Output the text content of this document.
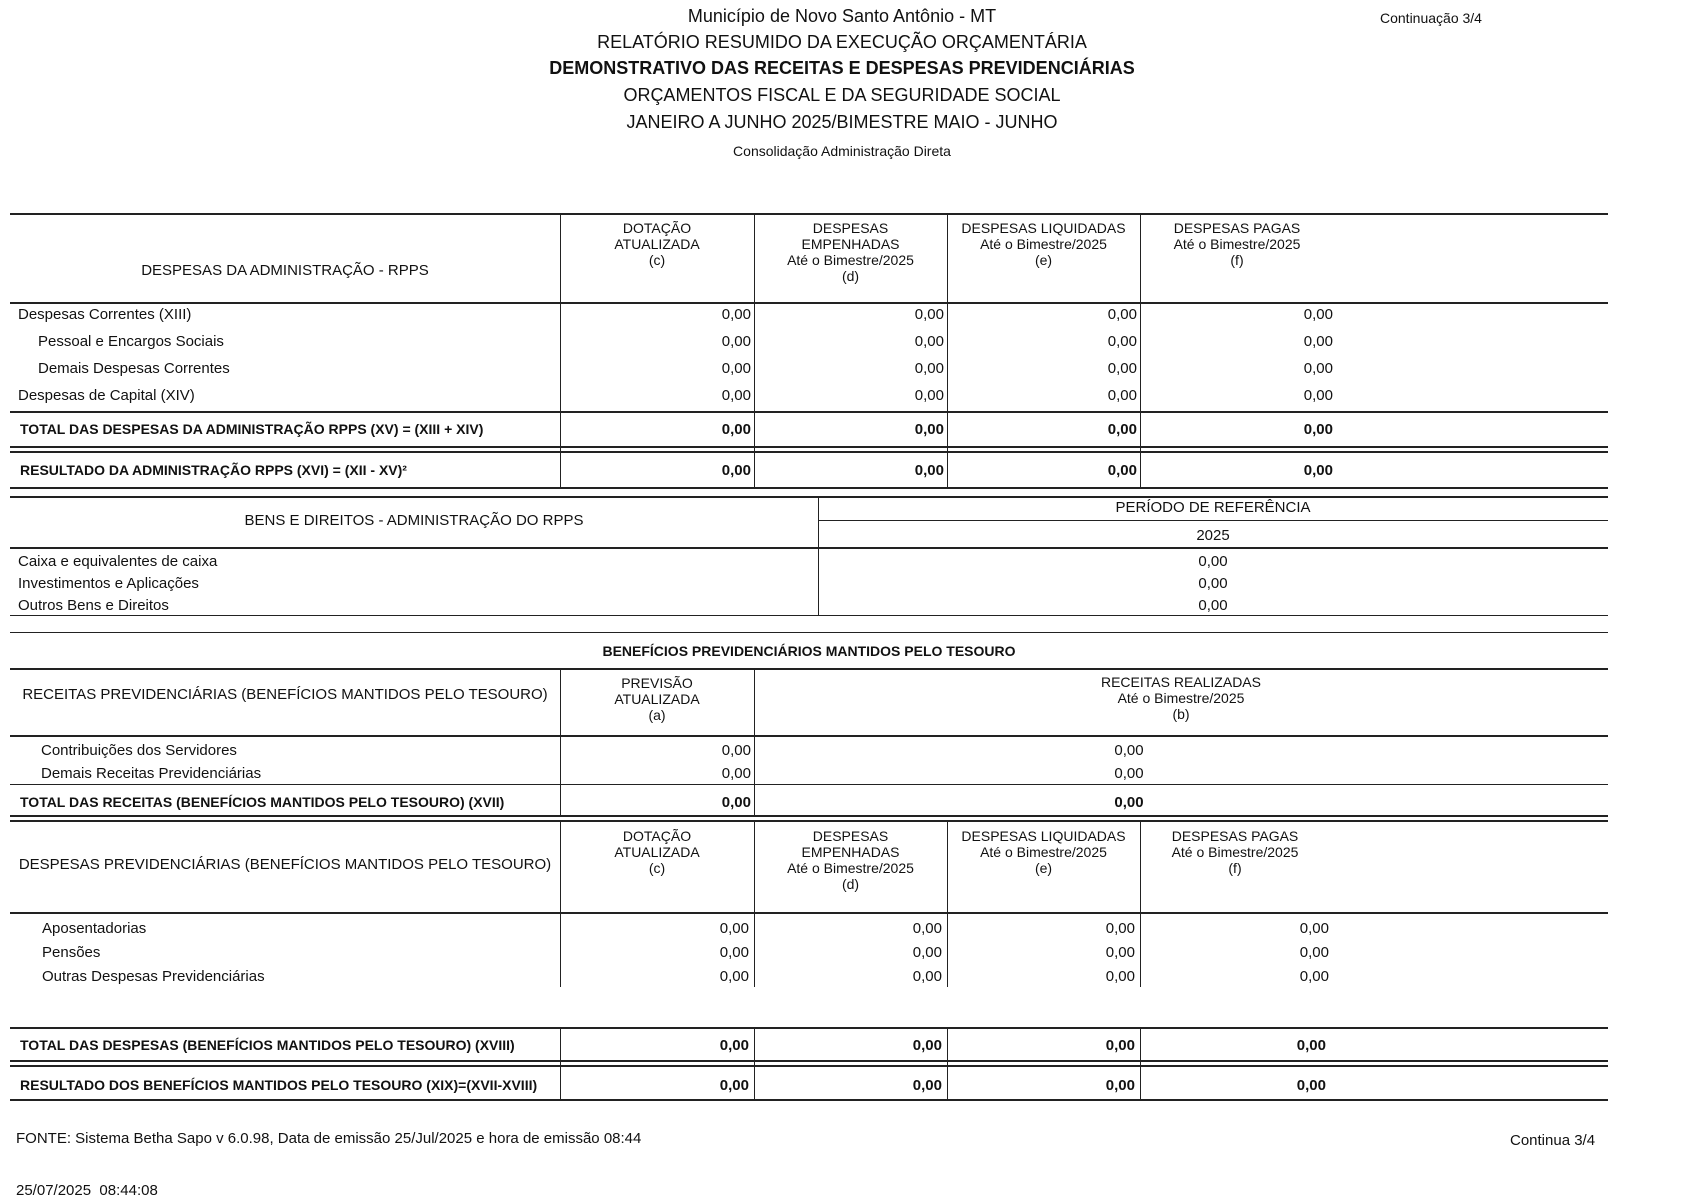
Município de Novo Santo Antônio - MT	Continuação 3/4
RELATÓRIO RESUMIDO DA EXECUÇÃO ORÇAMENTÁRIA
DEMONSTRATIVO DAS RECEITAS E DESPESAS PREVIDENCIÁRIAS
ORÇAMENTOS FISCAL E DA SEGURIDADE SOCIAL
JANEIRO A JUNHO 2025/BIMESTRE MAIO - JUNHO
Consolidação Administração Direta
DESPESAS DA ADMINISTRAÇÃO - RPPS
DOTAÇÃO
ATUALIZADA
(c)
DESPESAS
EMPENHADAS
Até o Bimestre/2025
(d)
DESPESAS LIQUIDADAS
Até o Bimestre/2025
(e)
DESPESAS PAGAS
Até o Bimestre/2025
(f)
Despesas Correntes (XIII)	0,00	0,00	0,00	0,00
Pessoal e Encargos Sociais	0,00	0,00	0,00	0,00
Demais Despesas Correntes	0,00	0,00	0,00	0,00
Despesas de Capital (XIV)	0,00	0,00	0,00	0,00
TOTAL DAS DESPESAS DA ADMINISTRAÇÃO RPPS (XV) = (XIII + XIV)	0,00	0,00	0,00	0,00
RESULTADO DA ADMINISTRAÇÃO RPPS (XVI) = (XII - XV)²	0,00	0,00	0,00	0,00
BENS E DIREITOS - ADMINISTRAÇÃO DO RPPS
PERÍODO DE REFERÊNCIA
2025
Caixa e equivalentes de caixa	0,00
Investimentos e Aplicações	0,00
Outros Bens e Direitos	0,00
BENEFÍCIOS PREVIDENCIÁRIOS MANTIDOS PELO TESOURO
RECEITAS PREVIDENCIÁRIAS (BENEFÍCIOS MANTIDOS PELO TESOURO)
PREVISÃO
ATUALIZADA
(a)
RECEITAS REALIZADAS
Até o Bimestre/2025
(b)
Contribuições dos Servidores	0,00	0,00
Demais Receitas Previdenciárias	0,00	0,00
TOTAL DAS RECEITAS (BENEFÍCIOS MANTIDOS PELO TESOURO) (XVII)	0,00	0,00
DESPESAS PREVIDENCIÁRIAS (BENEFÍCIOS MANTIDOS PELO TESOURO)
DOTAÇÃO
ATUALIZADA
(c)
DESPESAS
EMPENHADAS
Até o Bimestre/2025
(d)
DESPESAS LIQUIDADAS
Até o Bimestre/2025
(e)
DESPESAS PAGAS
Até o Bimestre/2025
(f)
Aposentadorias	0,00	0,00	0,00	0,00
Pensões	0,00	0,00	0,00	0,00
Outras Despesas Previdenciárias	0,00	0,00	0,00	0,00
TOTAL DAS DESPESAS (BENEFÍCIOS MANTIDOS PELO TESOURO) (XVIII)	0,00	0,00	0,00	0,00
RESULTADO DOS BENEFÍCIOS MANTIDOS PELO TESOURO (XIX)=(XVII-XVIII)	0,00	0,00	0,00	0,00
FONTE: Sistema Betha Sapo v 6.0.98, Data de emissão 25/Jul/2025 e hora de emissão 08:44	Continua 3/4
25/07/2025  08:44:08
